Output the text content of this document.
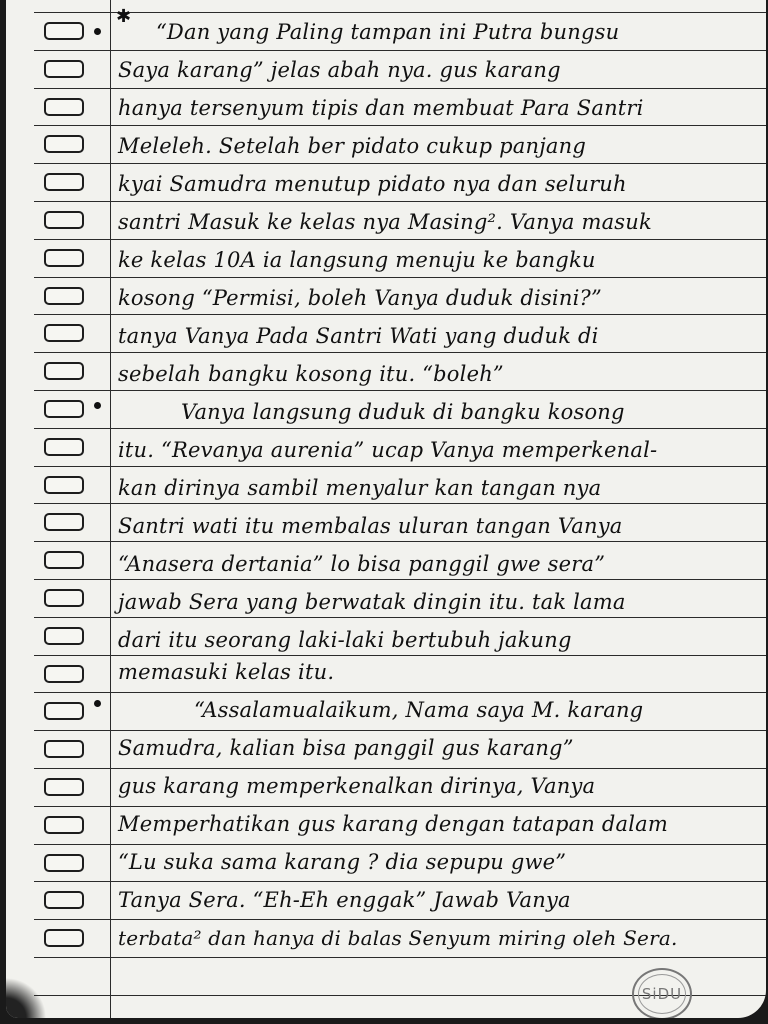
✱
“Dan yang Paling tampan ini Putra bungsu
Saya karang” jelas abah nya. gus karang
hanya tersenyum tipis dan membuat Para Santri
Meleleh. Setelah ber pidato cukup panjang
kyai Samudra menutup pidato nya dan seluruh
santri Masuk ke kelas nya Masing². Vanya masuk
ke kelas 10A ia langsung menuju ke bangku
kosong “Permisi, boleh Vanya duduk disini?”
tanya Vanya Pada Santri Wati yang duduk di
sebelah bangku kosong itu. “boleh”
Vanya langsung duduk di bangku kosong
itu. “Revanya aurenia” ucap Vanya memperkenal-
kan dirinya sambil menyalur kan tangan nya
Santri wati itu membalas uluran tangan Vanya
“Anasera dertania” lo bisa panggil gwe sera”
jawab Sera yang berwatak dingin itu. tak lama
dari itu seorang laki-laki bertubuh jakung
memasuki kelas itu.
“Assalamualaikum, Nama saya M. karang
Samudra, kalian bisa panggil gus karang”
gus karang memperkenalkan dirinya, Vanya
Memperhatikan gus karang dengan tatapan dalam
“Lu suka sama karang ? dia sepupu gwe”
Tanya Sera. “Eh-Eh enggak” Jawab Vanya
terbata² dan hanya di balas Senyum miring oleh Sera.
SiDU
